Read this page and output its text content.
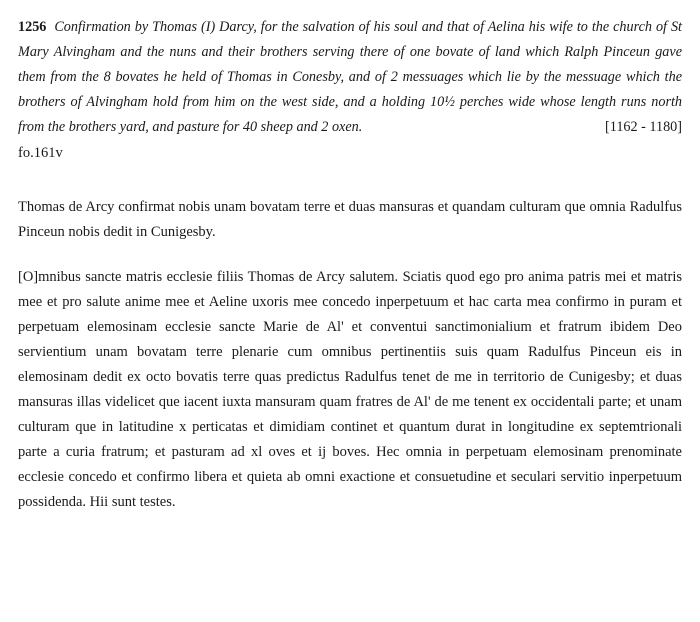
1256 Confirmation by Thomas (I) Darcy, for the salvation of his soul and that of Aelina his wife to the church of St Mary Alvingham and the nuns and their brothers serving there of one bovate of land which Ralph Pinceun gave them from the 8 bovates he held of Thomas in Conesby, and of 2 messuages which lie by the messuage which the brothers of Alvingham hold from him on the west side, and a holding 10½ perches wide whose length runs north from the brothers yard, and pasture for 40 sheep and 2 oxen.	[1162 - 1180]
fo.161v

Thomas de Arcy confirmat nobis unam bovatam terre et duas mansuras et quandam culturam que omnia Radulfus Pinceun nobis dedit in Cunigesby.

[O]mnibus sancte matris ecclesie filiis Thomas de Arcy salutem. Sciatis quod ego pro anima patris mei et matris mee et pro salute anime mee et Aeline uxoris mee concedo inperpetuum et hac carta mea confirmo in puram et perpetuam elemosinam ecclesie sancte Marie de Al' et conventui sanctimonialium et fratrum ibidem Deo servientium unam bovatam terre plenarie cum omnibus pertinentiis suis quam Radulfus Pinceun eis in elemosinam dedit ex octo bovatis terre quas predictus Radulfus tenet de me in territorio de Cunigesby; et duas mansuras illas videlicet que iacent iuxta mansuram quam fratres de Al' de me tenent ex occidentali parte; et unam culturam que in latitudine x perticatas et dimidiam continet et quantum durat in longitudine ex septemtrionali parte a curia fratrum; et pasturam ad xl oves et ij boves. Hec omnia in perpetuam elemosinam prenominate ecclesie concedo et confirmo libera et quieta ab omni exactione et consuetudine et seculari servitio inperpetuum possidenda. Hii sunt testes.
